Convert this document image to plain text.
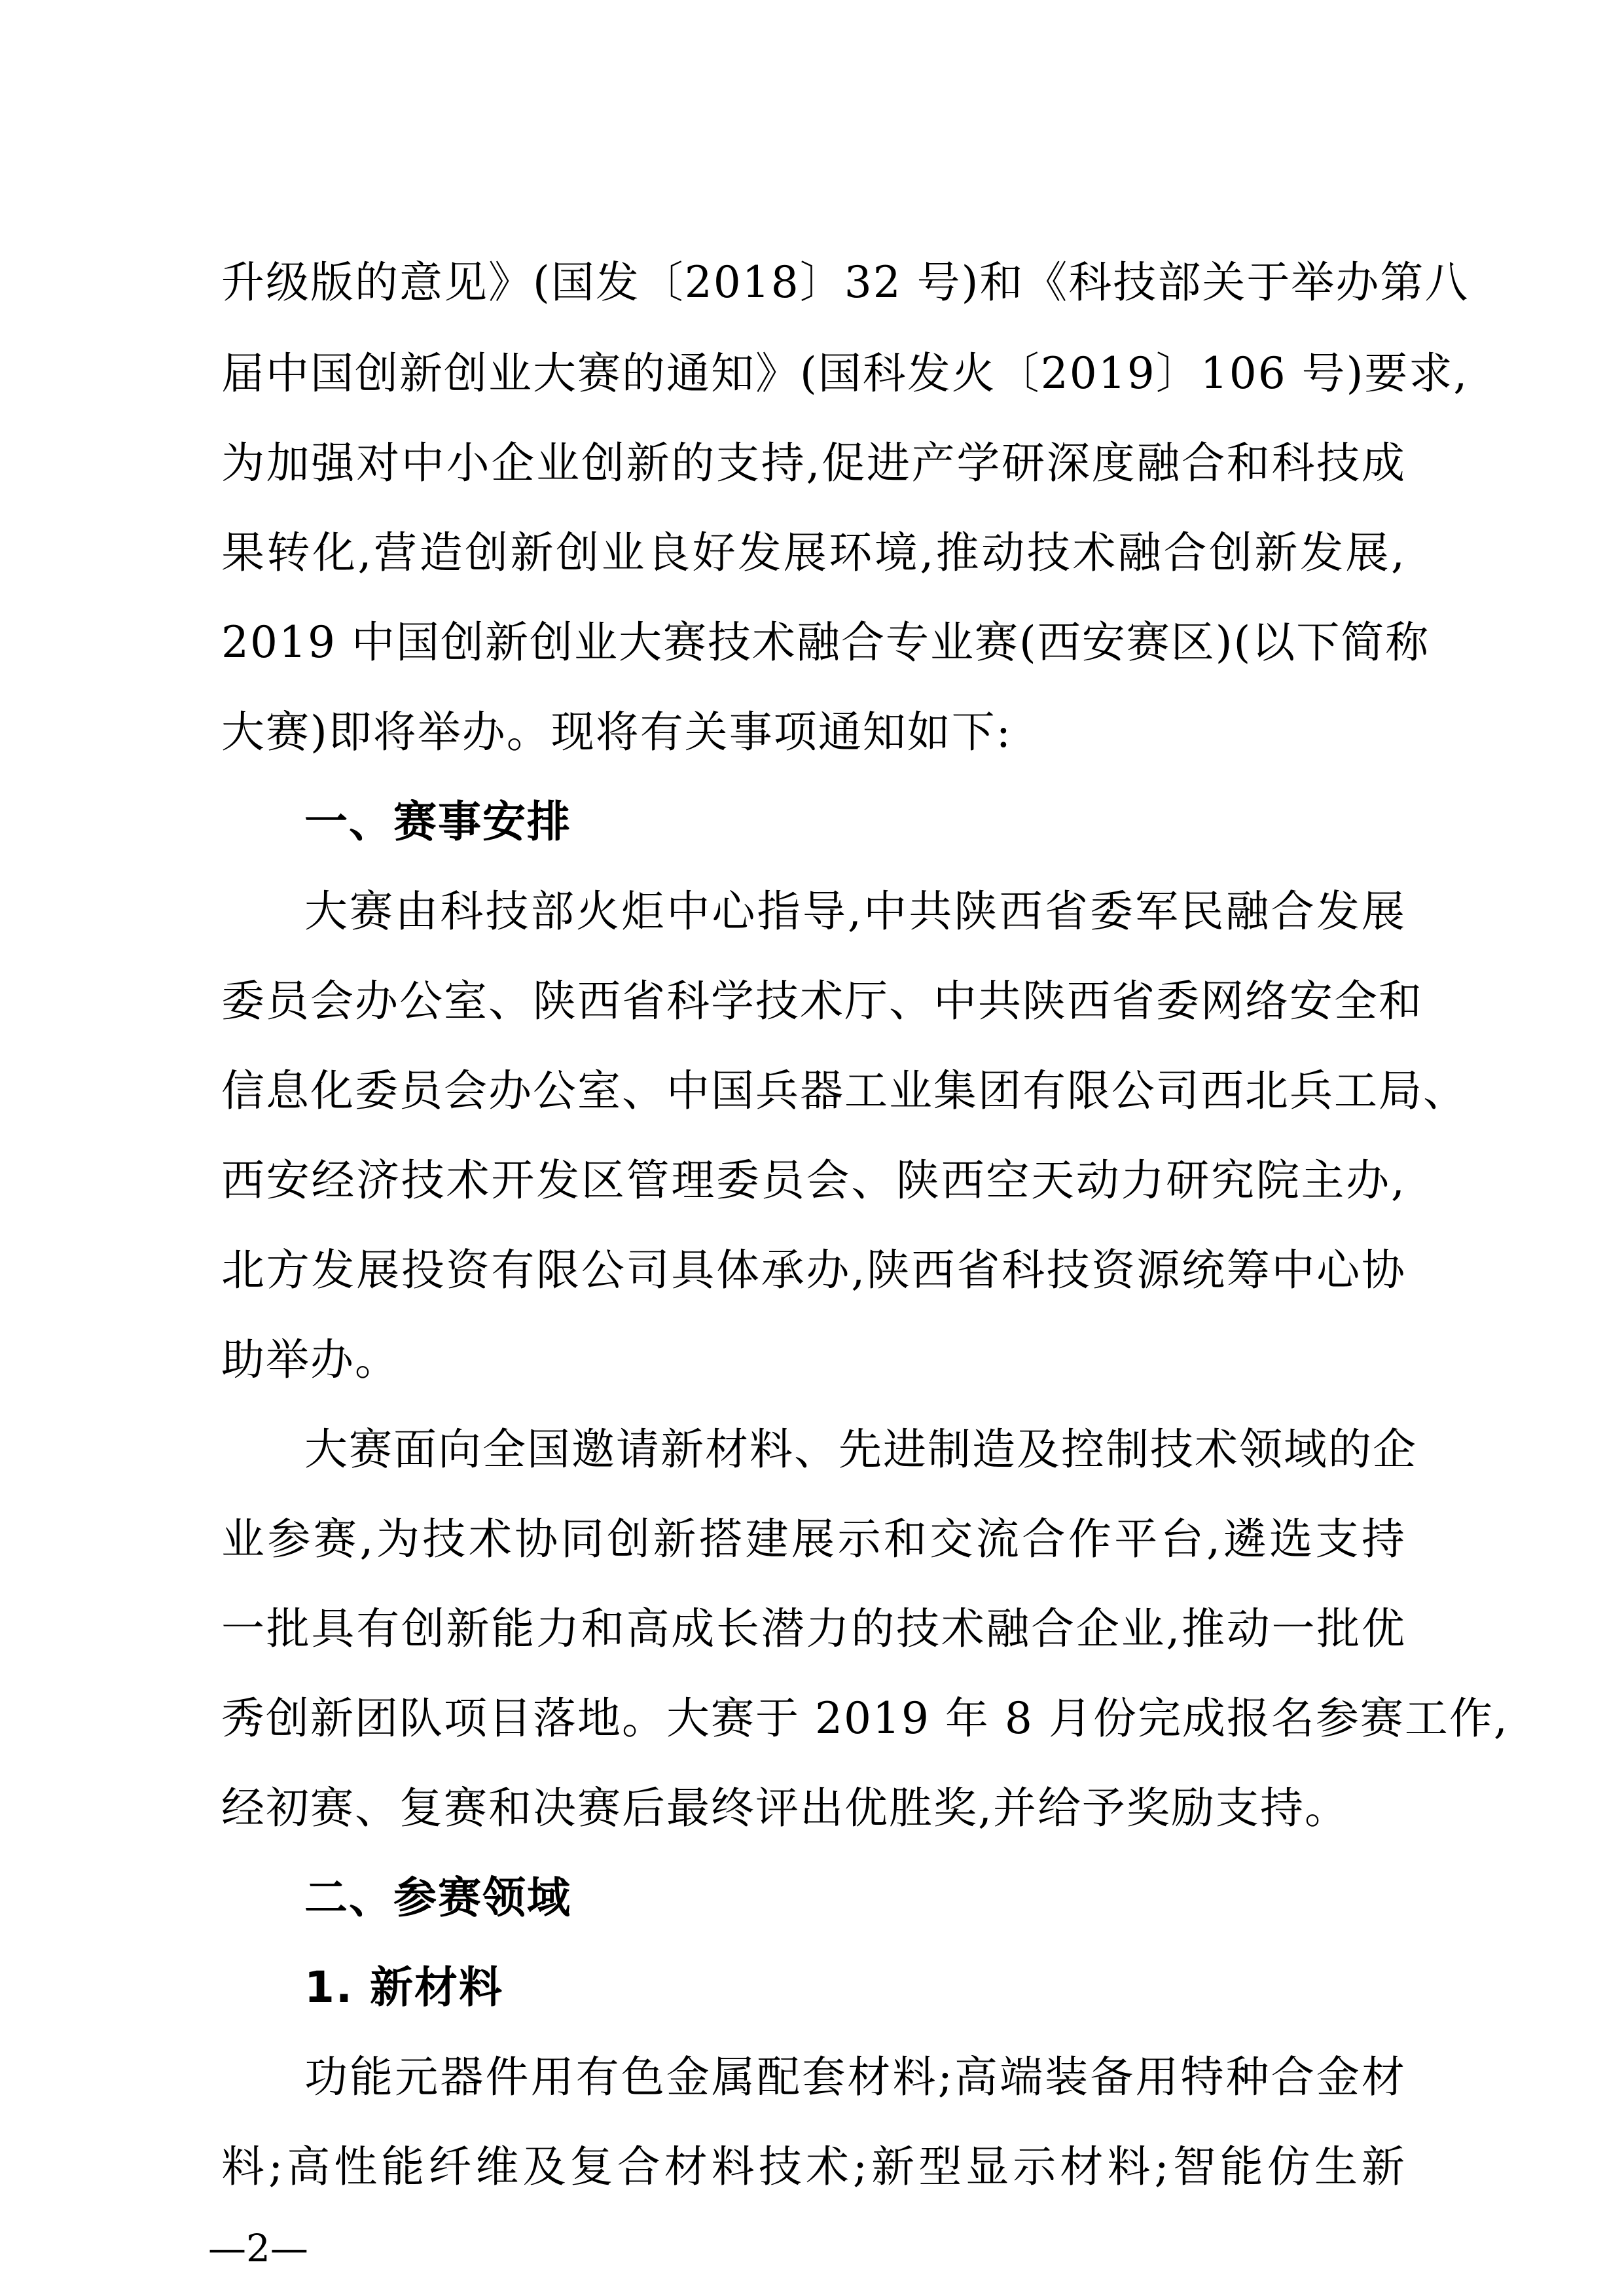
升级版的意见》(国发〔2018〕32 号)和《科技部关于举办第八
届中国创新创业大赛的通知》(国科发火〔2019〕106 号)要求,
为加强对中小企业创新的支持,促进产学研深度融合和科技成
果转化,营造创新创业良好发展环境,推动技术融合创新发展,
2019 中国创新创业大赛技术融合专业赛(西安赛区)(以下简称
大赛)即将举办。现将有关事项通知如下:
一、赛事安排
大赛由科技部火炬中心指导,中共陕西省委军民融合发展
委员会办公室、陕西省科学技术厅、中共陕西省委网络安全和
信息化委员会办公室、中国兵器工业集团有限公司西北兵工局、
西安经济技术开发区管理委员会、陕西空天动力研究院主办,
北方发展投资有限公司具体承办,陕西省科技资源统筹中心协
助举办。
大赛面向全国邀请新材料、先进制造及控制技术领域的企
业参赛,为技术协同创新搭建展示和交流合作平台,遴选支持
一批具有创新能力和高成长潜力的技术融合企业,推动一批优
秀创新团队项目落地。大赛于 2019 年 8 月份完成报名参赛工作,
经初赛、复赛和决赛后最终评出优胜奖,并给予奖励支持。
二、参赛领域
1. 新材料
功能元器件用有色金属配套材料;高端装备用特种合金材
料;高性能纤维及复合材料技术;新型显示材料;智能仿生新
—2—
